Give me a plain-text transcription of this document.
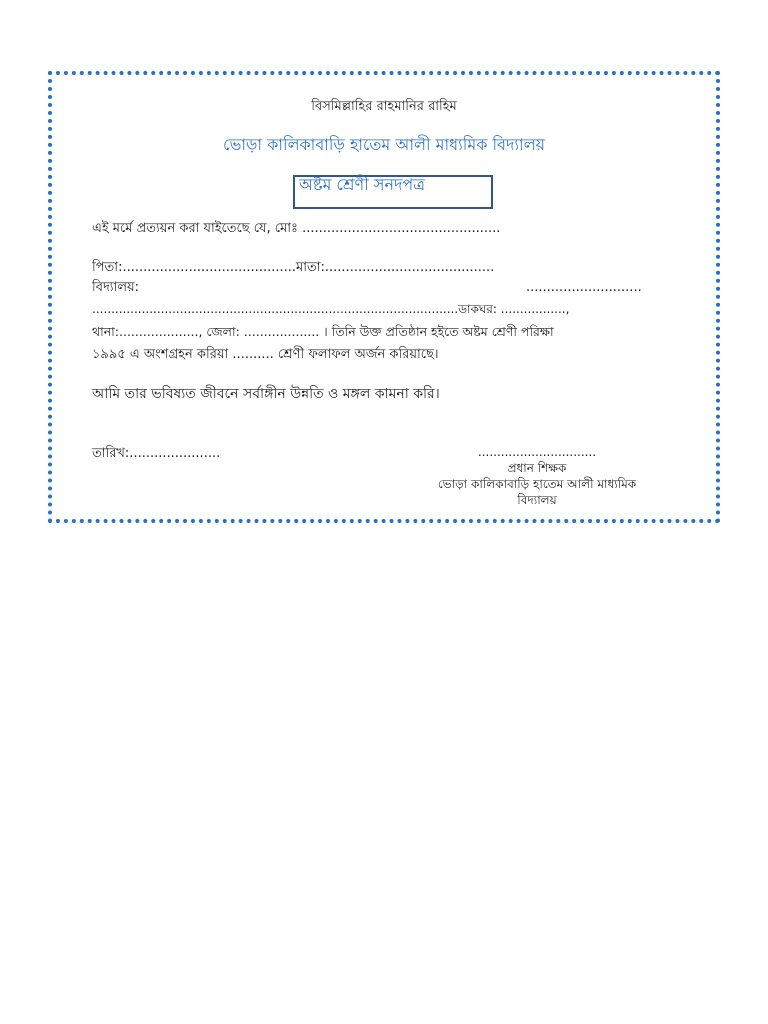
বিসমিল্লাহির রাহমানির রাহিম
ভোড়া কালিকাবাড়ি হাতেম আলী মাধ্যমিক বিদ্যালয়
অষ্টম শ্রেণী সনদপত্র
এই মর্মে প্রত্যয়ন করা যাইতেছে যে, মোঃ ................................................
পিতা:..........................................মাতা:.........................................
বিদ্যালয়:	............................
................................................................................................ডাকঘর: .................,
থানা:...................., জেলা: ................... । তিনি উক্ত প্রতিষ্ঠান হইতে অষ্টম শ্রেণী পরিক্ষা
১৯৯৫ এ অংশগ্রহন করিয়া .......... শ্রেণী ফলাফল অর্জন করিয়াছে।
আমি তার ভবিষ্যত জীবনে সর্বাঙ্গীন উন্নতি ও মঙ্গল কামনা করি।
তারিখ:......................	...............................
প্রধান শিক্ষক
ভোড়া কালিকাবাড়ি হাতেম আলী মাধ্যমিক
বিদ্যালয়
